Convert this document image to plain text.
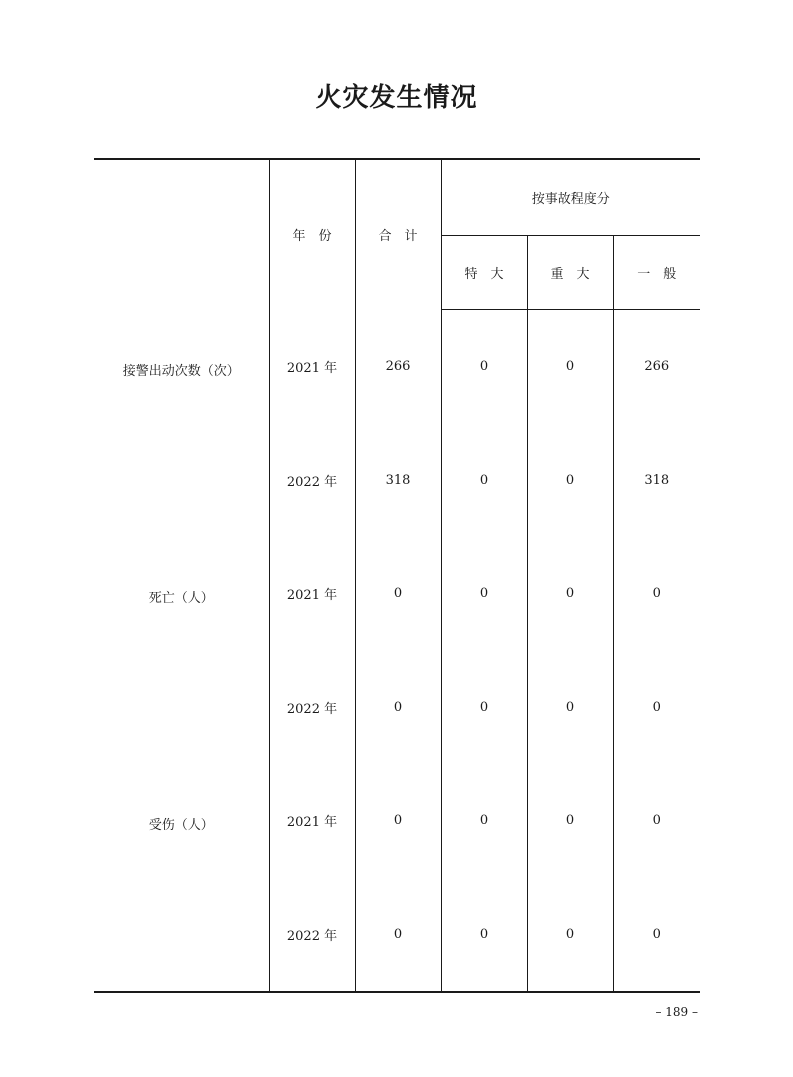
火灾发生情况
	年　份	合　计	按事故程度分		
			特　大	重　大	一　般
接警出动次数（次）	2021 年	266	0	0	266
	2022 年	318	0	0	318
死亡（人）	2021 年	0	0	0	0
	2022 年	0	0	0	0
受伤（人）	2021 年	0	0	0	0
	2022 年	0	0	0	0
– 189 –
